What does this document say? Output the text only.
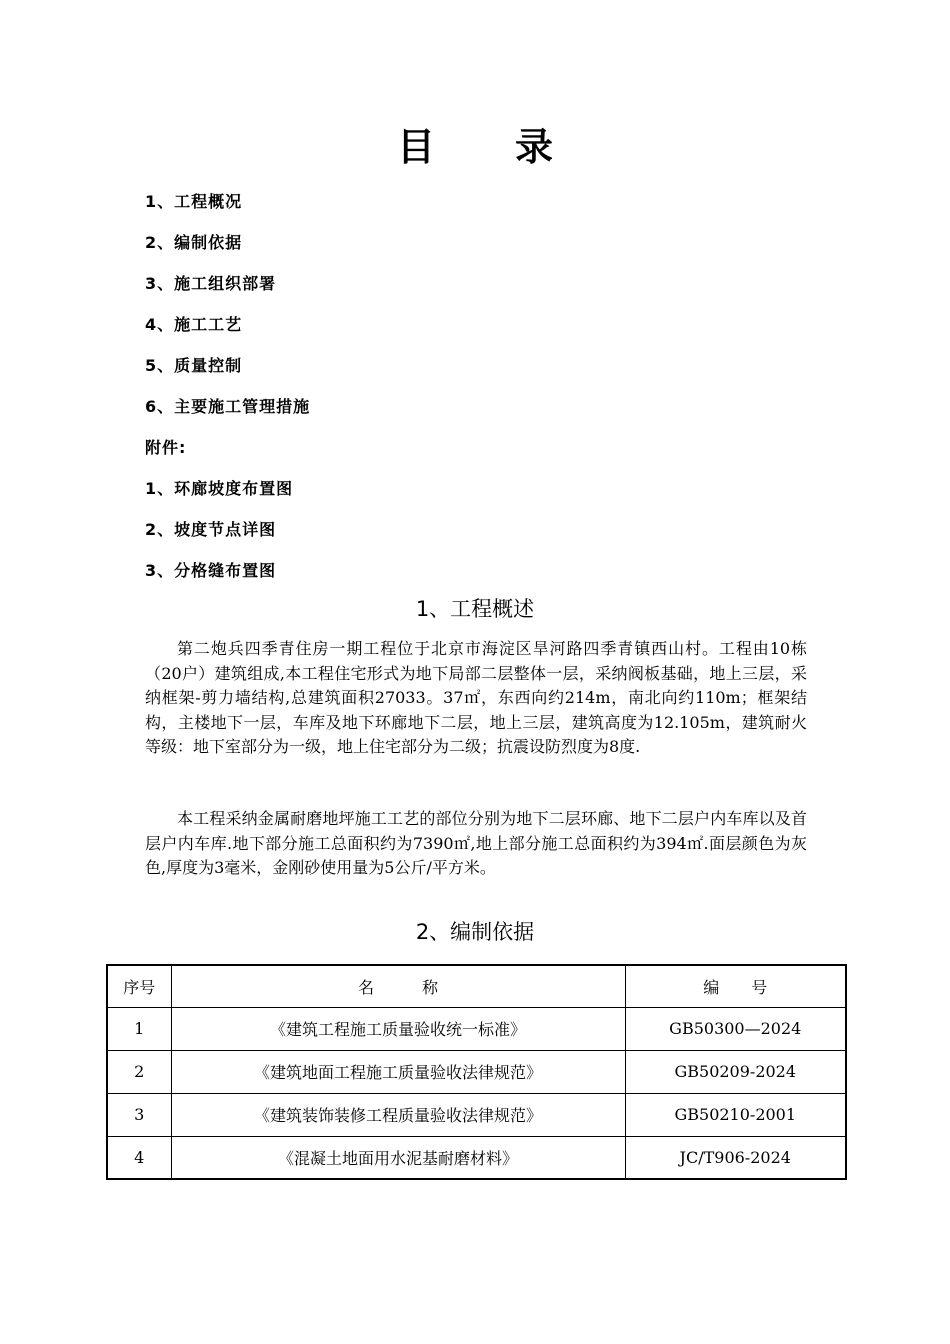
目 录
1、工程概况
2、编制依据
3、施工组织部署
4、施工工艺
5、质量控制
6、主要施工管理措施
附件:
1、环廊坡度布置图
2、坡度节点详图
3、分格缝布置图
1、工程概述

第二炮兵四季青住房一期工程位于北京市海淀区旱河路四季青镇西山村。工程由10栋（20户）建筑组成,本工程住宅形式为地下局部二层整体一层，采纳阀板基础，地上三层，采纳框架-剪力墙结构,总建筑面积27033。37㎡，东西向约214m，南北向约110m；框架结构，主楼地下一层，车库及地下环廊地下二层，地上三层，建筑高度为12.105m，建筑耐火等级：地下室部分为一级，地上住宅部分为二级；抗震设防烈度为8度.

本工程采纳金属耐磨地坪施工工艺的部位分别为地下二层环廊、地下二层户内车库以及首层户内车库.地下部分施工总面积约为7390㎡,地上部分施工总面积约为394㎡.面层颜色为灰色,厚度为3毫米，金刚砂使用量为5公斤/平方米。

2、编制依据
序号	名　　　称	编　　号
1	《建筑工程施工质量验收统一标准》	GB50300—2024
2	《建筑地面工程施工质量验收法律规范》	GB50209-2024
3	《建筑装饰装修工程质量验收法律规范》	GB50210-2001
4	《混凝土地面用水泥基耐磨材料》	JC/T906-2024
